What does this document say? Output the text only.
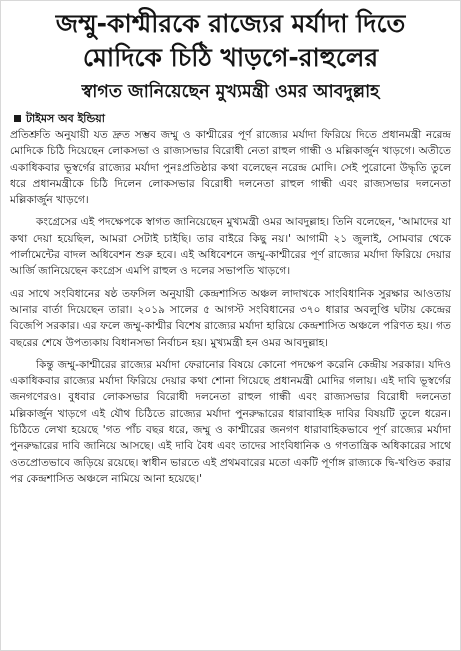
জম্মু-কাশ্মীরকে রাজ্যের মর্যাদা দিতে
মোদিকে চিঠি খাড়গে-রাহুলের
স্বাগত জানিয়েছেন মুখ্যমন্ত্রী ওমর আবদুল্লাহ
টাইমস অব ইন্ডিয়া

প্রতিশ্রুতি অনুযায়ী যত দ্রুত সম্ভব জম্মু ও কাশ্মীরের পূর্ণ রাজ্যের মর্যাদা ফিরিয়ে দিতে প্রধানমন্ত্রী নরেন্দ্র মোদিকে চিঠি দিয়েছেন লোকসভা ও রাজ্যসভার বিরোধী নেতা রাহুল গান্ধী ও মল্লিকার্জুন খাড়গে। অতীতে একাধিকবার ভূস্বর্গের রাজ্যের মর্যাদা পুনঃপ্রতিষ্ঠার কথা বলেছেন নরেন্দ্র মোদি। সেই পুরোনো উদ্ধৃতি তুলে ধরে প্রধানমন্ত্রীকে চিঠি দিলেন লোকসভার বিরোধী দলনেতা রাহুল গান্ধী এবং রাজ্যসভার দলনেতা মল্লিকার্জুন খাড়গে।

কংগ্রেসের এই পদক্ষেপকে স্বাগত জানিয়েছেন মুখ্যমন্ত্রী ওমর আবদুল্লাহ। তিনি বলেছেন, 'আমাদের যা কথা দেয়া হয়েছিল, আমরা সেটাই চাইছি। তার বাইরে কিছু নয়।' আগামী ২১ জুলাই, সোমবার থেকে পার্লামেন্টের বাদল অধিবেশন শুরু হবে। এই অধিবেশনে জম্মু-কাশ্মীরের পূর্ণ রাজ্যের মর্যাদা ফিরিয়ে দেয়ার আর্জি জানিয়েছেন কংগ্রেস এমপি রাহুল ও দলের সভাপতি খাড়গে।

এর সাথে সংবিধানের ষষ্ঠ তফসিল অনুযায়ী কেন্দ্রশাসিত অঞ্চল লাদাখকে সাংবিধানিক সুরক্ষার আওতায় আনার বার্তা দিয়েছেন তারা। ২০১৯ সালের ৫ আগস্ট সংবিধানের ৩৭০ ধারার অবলুপ্তি ঘটায় কেন্দ্রের বিজেপি সরকার। এর ফলে জম্মু-কাশ্মীর বিশেষ রাজ্যের মর্যাদা হারিয়ে কেন্দ্রশাসিত অঞ্চলে পরিণত হয়। গত বছরের শেষে উপত্যকায় বিধানসভা নির্বাচন হয়। মুখ্যমন্ত্রী হন ওমর আবদুল্লাহ।

কিন্তু জম্মু-কাশ্মীরের রাজ্যের মর্যাদা ফেরানোর বিষয়ে কোনো পদক্ষেপ করেনি কেন্দ্রীয় সরকার। যদিও একাধিকবার রাজ্যের মর্যাদা ফিরিয়ে দেয়ার কথা শোনা গিয়েছে প্রধানমন্ত্রী মোদির গলায়। এই দাবি ভূস্বর্গের জনগণেরও। বুধবার লোকসভার বিরোধী দলনেতা রাহুল গান্ধী এবং রাজ্যসভার বিরোধী দলনেতা মল্লিকার্জুন খাড়গে এই যৌথ চিঠিতে রাজ্যের মর্যাদা পুনরুদ্ধারের ধারাবাহিক দাবির বিষয়টি তুলে ধরেন। চিঠিতে লেখা হয়েছে 'গত পাঁচ বছর ধরে, জম্মু ও কাশ্মীরের জনগণ ধারাবাহিকভাবে পূর্ণ রাজ্যের মর্যাদা পুনরুদ্ধারের দাবি জানিয়ে আসছে। এই দাবি বৈধ এবং তাদের সাংবিধানিক ও গণতান্ত্রিক অধিকারের সাথে ওতপ্রোতভাবে জড়িয়ে রয়েছে। স্বাধীন ভারতে এই প্রথমবারের মতো একটি পূর্ণাঙ্গ রাজ্যকে দ্বি-খণ্ডিত করার পর কেন্দ্রশাসিত অঞ্চলে নামিয়ে আনা হয়েছে।'
